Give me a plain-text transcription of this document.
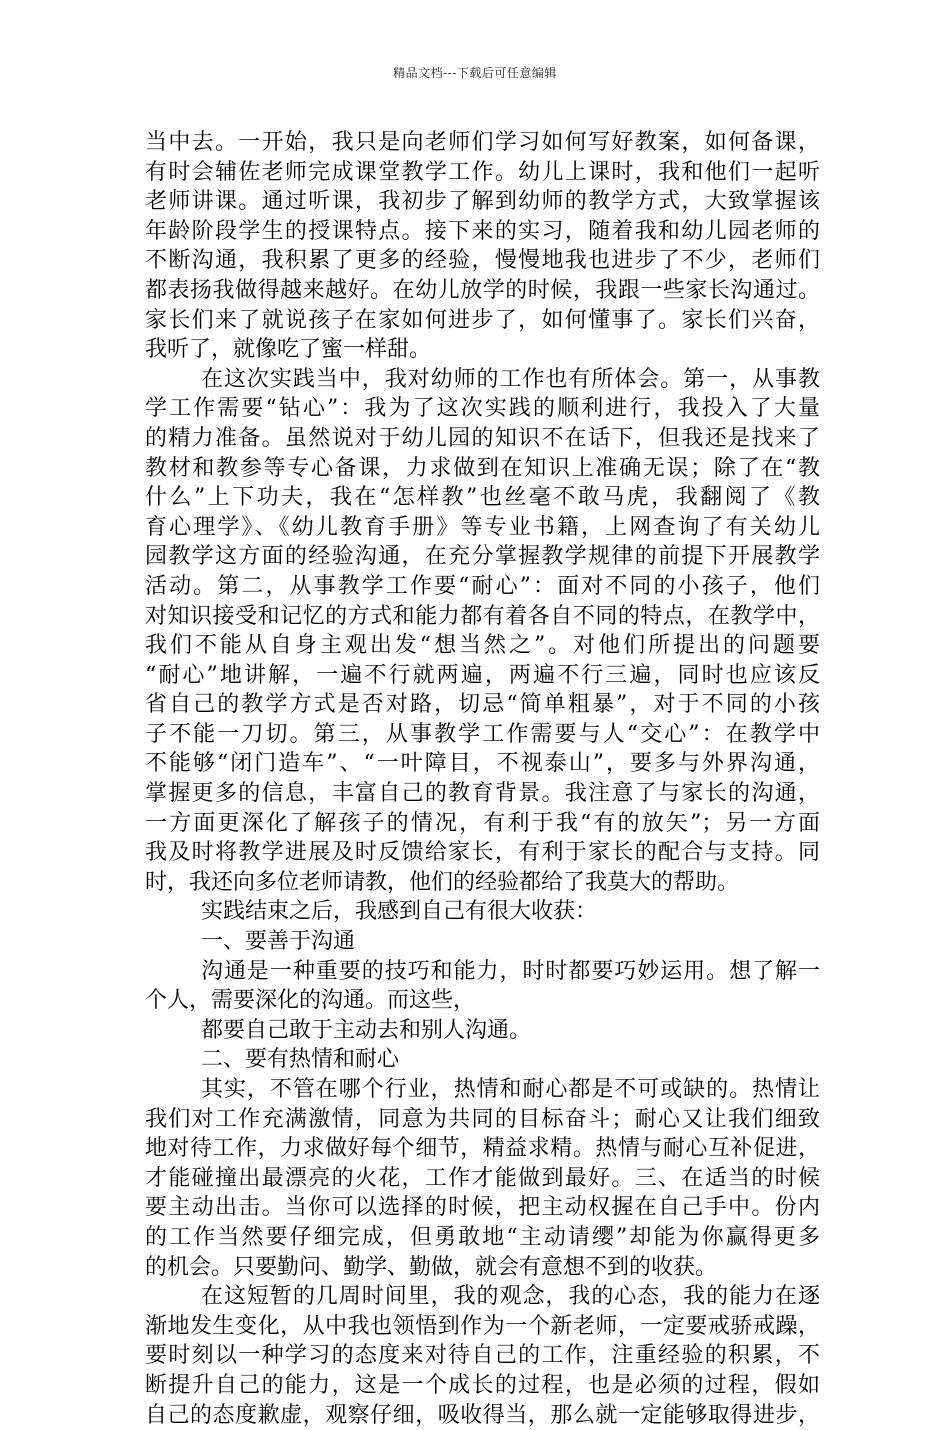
精品文档---下载后可任意编辑
当中去。一开始，我只是向老师们学习如何写好教案，如何备课，
有时会辅佐老师完成课堂教学工作。幼儿上课时，我和他们一起听
老师讲课。通过听课，我初步了解到幼师的教学方式，大致掌握该
年龄阶段学生的授课特点。接下来的实习，随着我和幼儿园老师的
不断沟通，我积累了更多的经验，慢慢地我也进步了不少，老师们
都表扬我做得越来越好。在幼儿放学的时候，我跟一些家长沟通过。
家长们来了就说孩子在家如何进步了，如何懂事了。家长们兴奋，
我听了，就像吃了蜜一样甜。
在这次实践当中，我对幼师的工作也有所体会。第一，从事教
学工作需要“钻心”：我为了这次实践的顺利进行，我投入了大量
的精力准备。虽然说对于幼儿园的知识不在话下，但我还是找来了
教材和教参等专心备课，力求做到在知识上准确无误；除了在“教
什么”上下功夫，我在“怎样教”也丝毫不敢马虎，我翻阅了《教
育心理学》、《幼儿教育手册》等专业书籍，上网查询了有关幼儿
园教学这方面的经验沟通，在充分掌握教学规律的前提下开展教学
活动。第二，从事教学工作要“耐心”：面对不同的小孩子，他们
对知识接受和记忆的方式和能力都有着各自不同的特点，在教学中，
我们不能从自身主观出发“想当然之”。对他们所提出的问题要
“耐心”地讲解，一遍不行就两遍，两遍不行三遍，同时也应该反
省自己的教学方式是否对路，切忌“简单粗暴”，对于不同的小孩
子不能一刀切。第三，从事教学工作需要与人“交心”：在教学中
不能够“闭门造车”、“一叶障目，不视泰山”，要多与外界沟通，
掌握更多的信息，丰富自己的教育背景。我注意了与家长的沟通，
一方面更深化了解孩子的情况，有利于我“有的放矢”；另一方面
我及时将教学进展及时反馈给家长，有利于家长的配合与支持。同
时，我还向多位老师请教，他们的经验都给了我莫大的帮助。
实践结束之后，我感到自己有很大收获：
一、要善于沟通
沟通是一种重要的技巧和能力，时时都要巧妙运用。想了解一
个人，需要深化的沟通。而这些，
都要自己敢于主动去和别人沟通。
二、要有热情和耐心
其实，不管在哪个行业，热情和耐心都是不可或缺的。热情让
我们对工作充满激情，同意为共同的目标奋斗；耐心又让我们细致
地对待工作，力求做好每个细节，精益求精。热情与耐心互补促进，
才能碰撞出最漂亮的火花，工作才能做到最好。三、在适当的时候
要主动出击。当你可以选择的时候，把主动权握在自己手中。份内
的工作当然要仔细完成，但勇敢地“主动请缨”却能为你赢得更多
的机会。只要勤问、勤学、勤做，就会有意想不到的收获。
在这短暂的几周时间里，我的观念，我的心态，我的能力在逐
渐地发生变化，从中我也领悟到作为一个新老师，一定要戒骄戒躁，
要时刻以一种学习的态度来对待自己的工作，注重经验的积累，不
断提升自己的能力，这是一个成长的过程，也是必须的过程，假如
自己的态度歉虚，观察仔细，吸收得当，那么就一定能够取得进步，
